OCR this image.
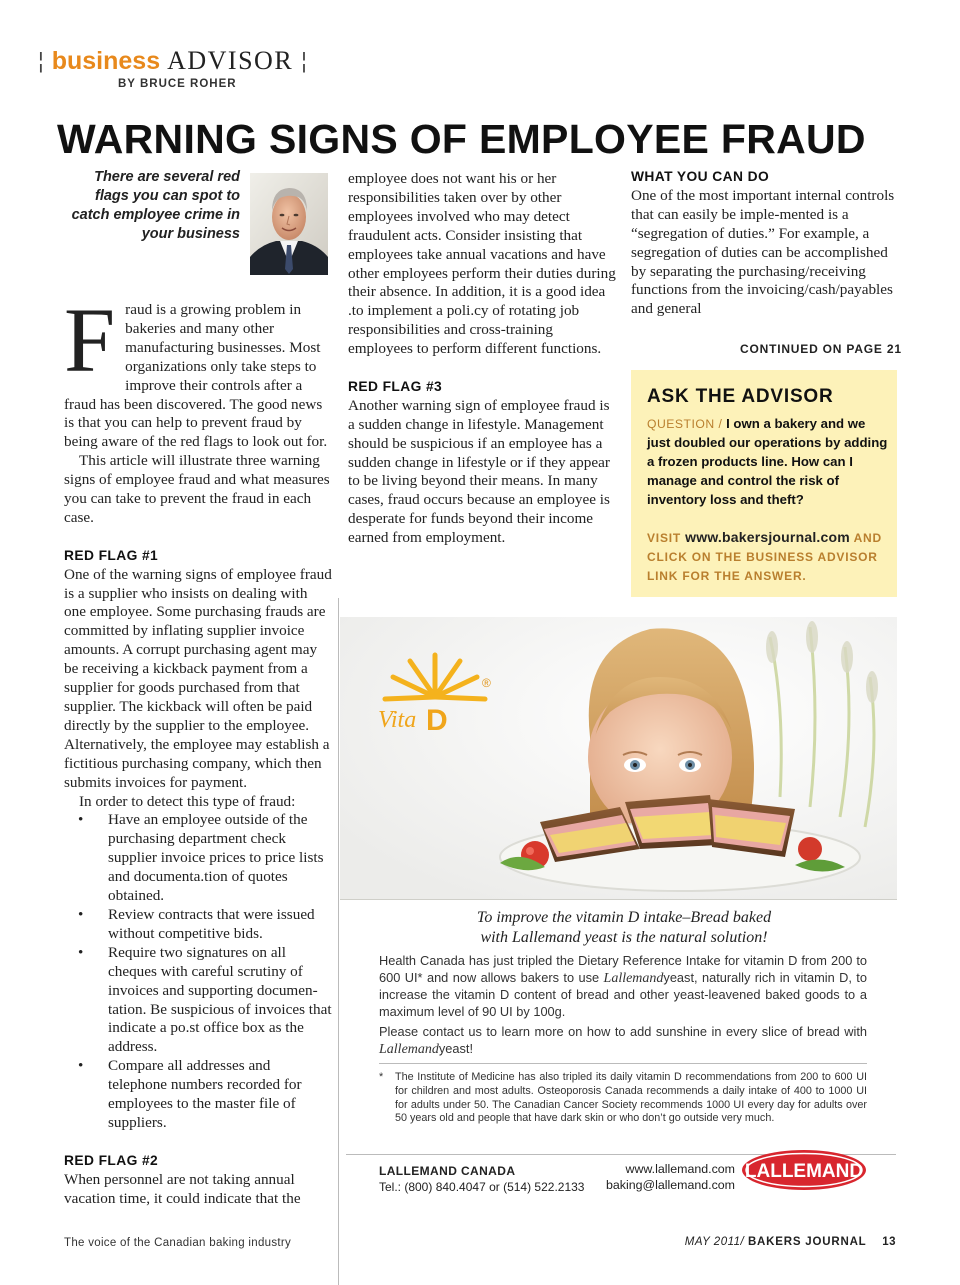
¦ business ADVISOR ¦
BY BRUCE ROHER
WARNING SIGNS OF EMPLOYEE FRAUD
There are several red flags you can spot to catch employee crime in your business
F raud is a growing problem in bakeries and many other manufacturing businesses. Most organizations only take steps to improve their controls after a fraud has been discovered. The good news is that you can help to prevent fraud by being aware of the red flags to look out for.

This article will illustrate three warning signs of employee fraud and what measures you can take to prevent the fraud in each case.

RED FLAG #1

One of the warning signs of employee fraud is a supplier who insists on dealing with one employee. Some purchasing frauds are committed by inflating supplier invoice amounts. A corrupt purchasing agent may be receiving a kickback payment from a supplier for goods purchased from that supplier. The kickback will often be paid directly by the supplier to the employee. Alternatively, the employee may establish a fictitious purchasing company, which then submits invoices for payment.

In order to detect this type of fraud:

• Have an employee outside of the purchasing department check supplier invoice prices to price lists and documenta.tion of quotes obtained.
• Review contracts that were issued without competitive bids.
• Require two signatures on all cheques with careful scrutiny of invoices and supporting documen-tation. Be suspicious of invoices that indicate a po.st office box as the address.
• Compare all addresses and telephone numbers recorded for employees to the master file of suppliers.
RED FLAG #2

When personnel are not taking annual vacation time, it could indicate that the

employee does not want his or her responsibilities taken over by other employees involved who may detect fraudulent acts. Consider insisting that employees take annual vacations and have other employees perform their duties during their absence. In addition, it is a good idea .to implement a poli.cy of rotating job responsibilities and cross-training employees to perform different functions.

RED FLAG #3

Another warning sign of employee fraud is a sudden change in lifestyle. Management should be suspicious if an employee has a sudden change in lifestyle or if they appear to be living beyond their means. In many cases, fraud occurs because an employee is desperate for funds beyond their income earned from employment.

WHAT YOU CAN DO

One of the most important internal controls that can easily be imple-mented is a “segregation of duties.” For example, a segregation of duties can be accomplished by separating the purchasing/receiving functions from the invoicing/cash/payables and general

CONTINUED ON PAGE 21
ASK THE ADVISOR
QUESTION / I own a bakery and we just doubled our operations by adding a frozen products line. How can I manage and control the risk of inventory loss and theft?
VISIT www.bakersjournal.com AND CLICK ON THE BUSINESS ADVISOR LINK FOR THE ANSWER.
Vita D
®
To improve the vitamin D intake–Bread baked
with Lallemand yeast is the natural solution!
Health Canada has just tripled the Dietary Reference Intake for vitamin D from 200 to 600 UI* and now allows bakers to use Lallemandyeast, naturally rich in vitamin D, to increase the vitamin D content of bread and other yeast-leavened baked goods to a maximum level of 90 UI by 100g.
Please contact us to learn more on how to add sunshine in every slice of bread with Lallemandyeast!
* The Institute of Medicine has also tripled its daily vitamin D recommendations from 200 to 600 UI for children and most adults. Osteoporosis Canada recommends a daily intake of 400 to 1000 UI for adults under 50. The Canadian Cancer Society recommends 1000 UI every day for adults over 50 years old and people that have dark skin or who don’t go outside very much.
LALLEMAND CANADA
Tel.: (800) 840.4047 or (514) 522.2133
www.lallemand.com
baking@lallemand.com
LALLEMAND
The voice of the Canadian baking industry	MAY 2011/ BAKERS JOURNAL 13
